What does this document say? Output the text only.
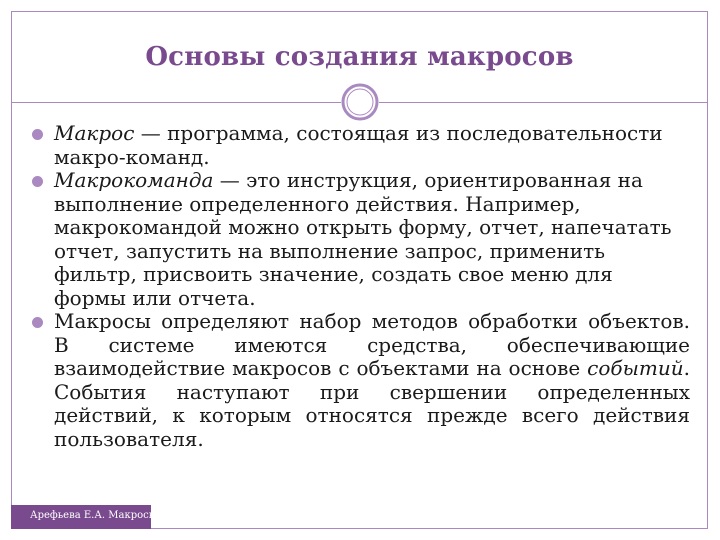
Основы создания макросов
Макрос — программа, состоящая из последовательности макро-команд.
Макрокоманда — это инструкция, ориентированная на выполнение определенного действия. Например, макрокомандой можно открыть форму, отчет, напечатать отчет, запустить на выполнение запрос, применить фильтр, присвоить значение, создать свое меню для формы или отчета.
Макросы определяют набор методов обработки объектов. В системе имеются средства, обеспечивающие взаимодействие макросов с объектами на основе событий. События наступают при свершении определенных действий, к которым относятся прежде всего действия пользователя.
Арефьева Е.А. Макросы
